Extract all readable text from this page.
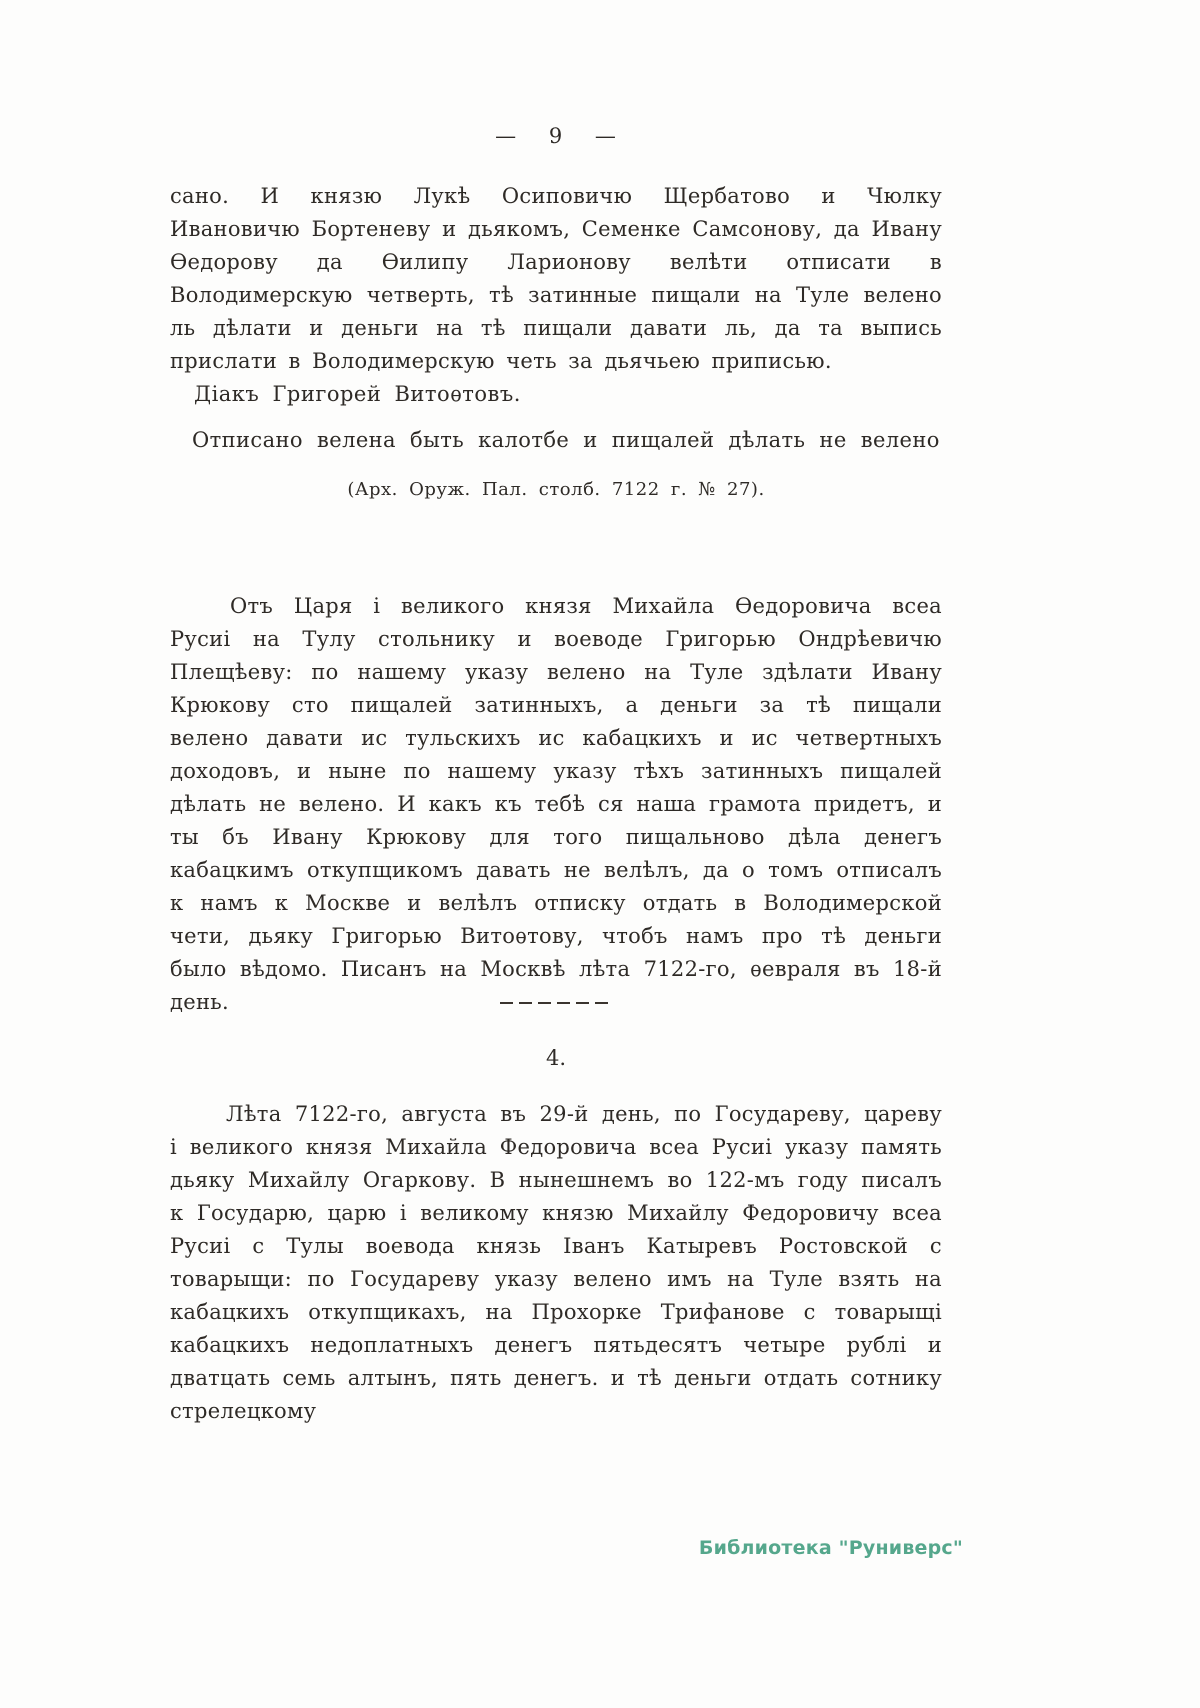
— 9 —
сано. И князю Лукѣ Осиповичю Щербатово и Чюлку Ивановичю Бортеневу и дьякомъ, Семенке Самсонову, да Ивану Ѳедорову да Ѳилипу Ларионову велѣти отписати в Володимерскую четверть, тѣ затинные пищали на Туле велено ль дѣлати и деньги на тѣ пищали давати ль, да та выпись прислати в Володимерскую четь за дьячьею приписью.
Діакъ Григорей Витоѳтовъ.
Отписано велена быть калотбе и пищалей дѣлать не велено
(Арх. Оруж. Пал. столб. 7122 г. № 27).
Отъ Царя і великого князя Михайла Ѳедоровича всеа Русиі на Тулу стольнику и воеводе Григорью Ондрѣевичю Плещѣеву: по нашему указу велено на Туле здѣлати Ивану Крюкову сто пищалей затинныхъ, а деньги за тѣ пищали велено давати ис тульскихъ ис кабацкихъ и ис четвертныхъ доходовъ, и ныне по нашему указу тѣхъ затинныхъ пищалей дѣлать не велено. И какъ къ тебѣ ся наша грамота придетъ, и ты бъ Ивану Крюкову для того пищальново дѣла денегъ кабацкимъ откупщикомъ давать не велѣлъ, да о томъ отписалъ к намъ к Москве и велѣлъ отписку отдать в Володимерской чети, дьяку Григорью Витоѳтову, чтобъ намъ про тѣ деньги было вѣдомо. Писанъ на Москвѣ лѣта 7122-го, ѳевраля въ 18-й день.
4.
Лѣта 7122-го, августа въ 29-й день, по Государеву, цареву і великого князя Михайла Федоровича всеа Русиі указу память дьяку Михайлу Огаркову. В нынешнемъ во 122-мъ году писалъ к Государю, царю і великому князю Михайлу Федоровичу всеа Русиі с Тулы воевода князь Іванъ Катыревъ Ростовской с товарыщи: по Государеву указу велено имъ на Туле взять на кабацкихъ откупщикахъ, на Прохорке Трифанове с товарыщі кабацкихъ недоплатныхъ денегъ пятьдесятъ четыре рублі и дватцать семь алтынъ, пять денегъ. и тѣ деньги отдать сотнику стрелецкому
Библиотека "Руниверс"
